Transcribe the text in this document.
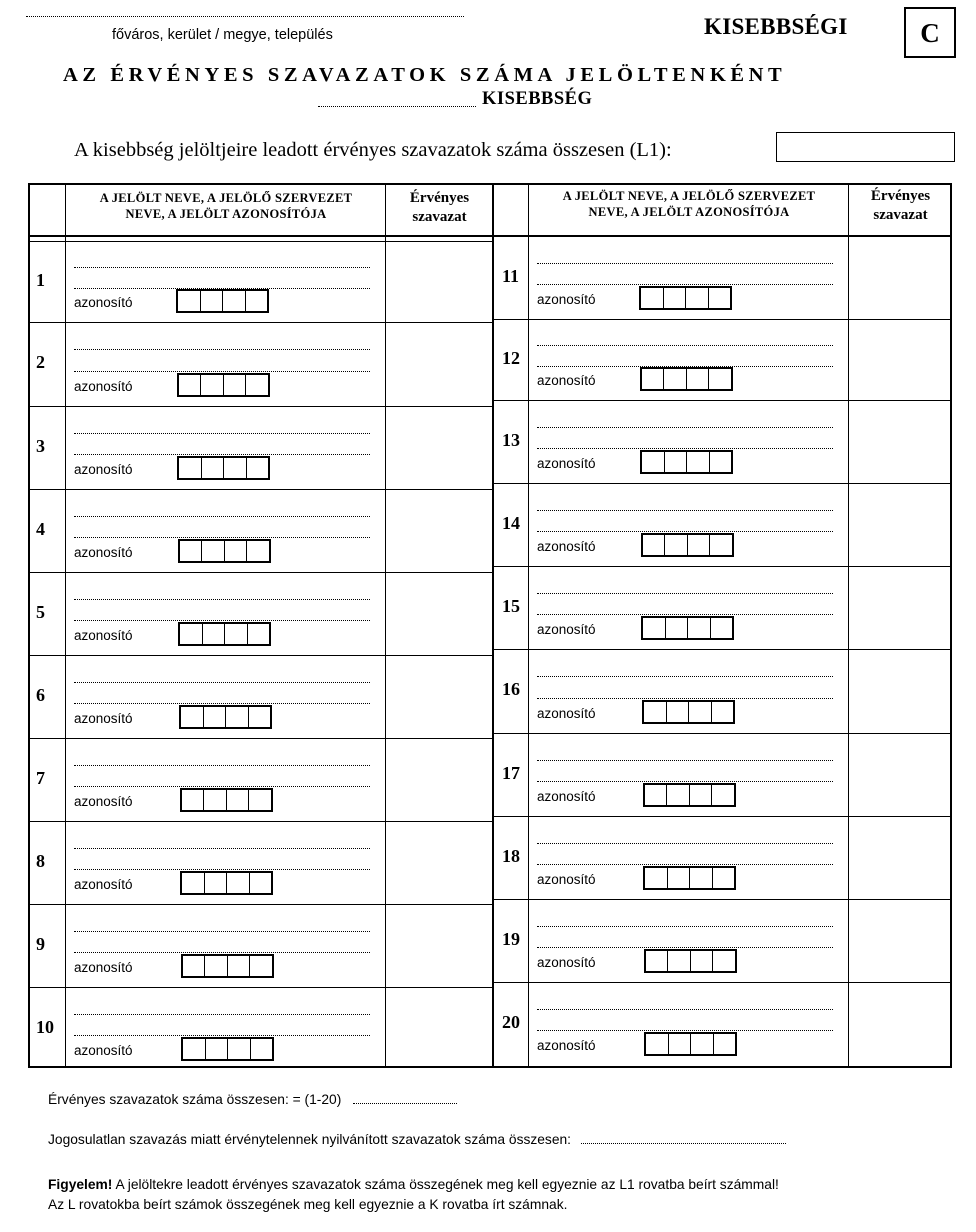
főváros, kerület / megye, település	KISEBBSÉGI	C
AZ ÉRVÉNYES SZAVAZATOK SZÁMA JELÖLTENKÉNT
KISEBBSÉG
A kisebbség jelöltjeire leadott érvényes szavazatok száma összesen (L1):
A JELÖLT NEVE, A JELÖLŐ SZERVEZET
NEVE, A JELÖLT AZONOSÍTÓJA
Érvényes
szavazat
A JELÖLT NEVE, A JELÖLŐ SZERVEZET
NEVE, A JELÖLT AZONOSÍTÓJA
Érvényes
szavazat
1
azonosító
2
azonosító
3
azonosító
4
azonosító
5
azonosító
6
azonosító
7
azonosító
8
azonosító
9
azonosító
10
azonosító
11
azonosító
12
azonosító
13
azonosító
14
azonosító
15
azonosító
16
azonosító
17
azonosító
18
azonosító
19
azonosító
20
azonosító
Érvényes szavazatok száma összesen: = (1-20)
Jogosulatlan szavazás miatt érvénytelennek nyilvánított szavazatok száma összesen:
Figyelem! A jelöltekre leadott érvényes szavazatok száma összegének meg kell egyeznie az L1 rovatba beírt számmal!
Az L rovatokba beírt számok összegének meg kell egyeznie a K rovatba írt számnak.
